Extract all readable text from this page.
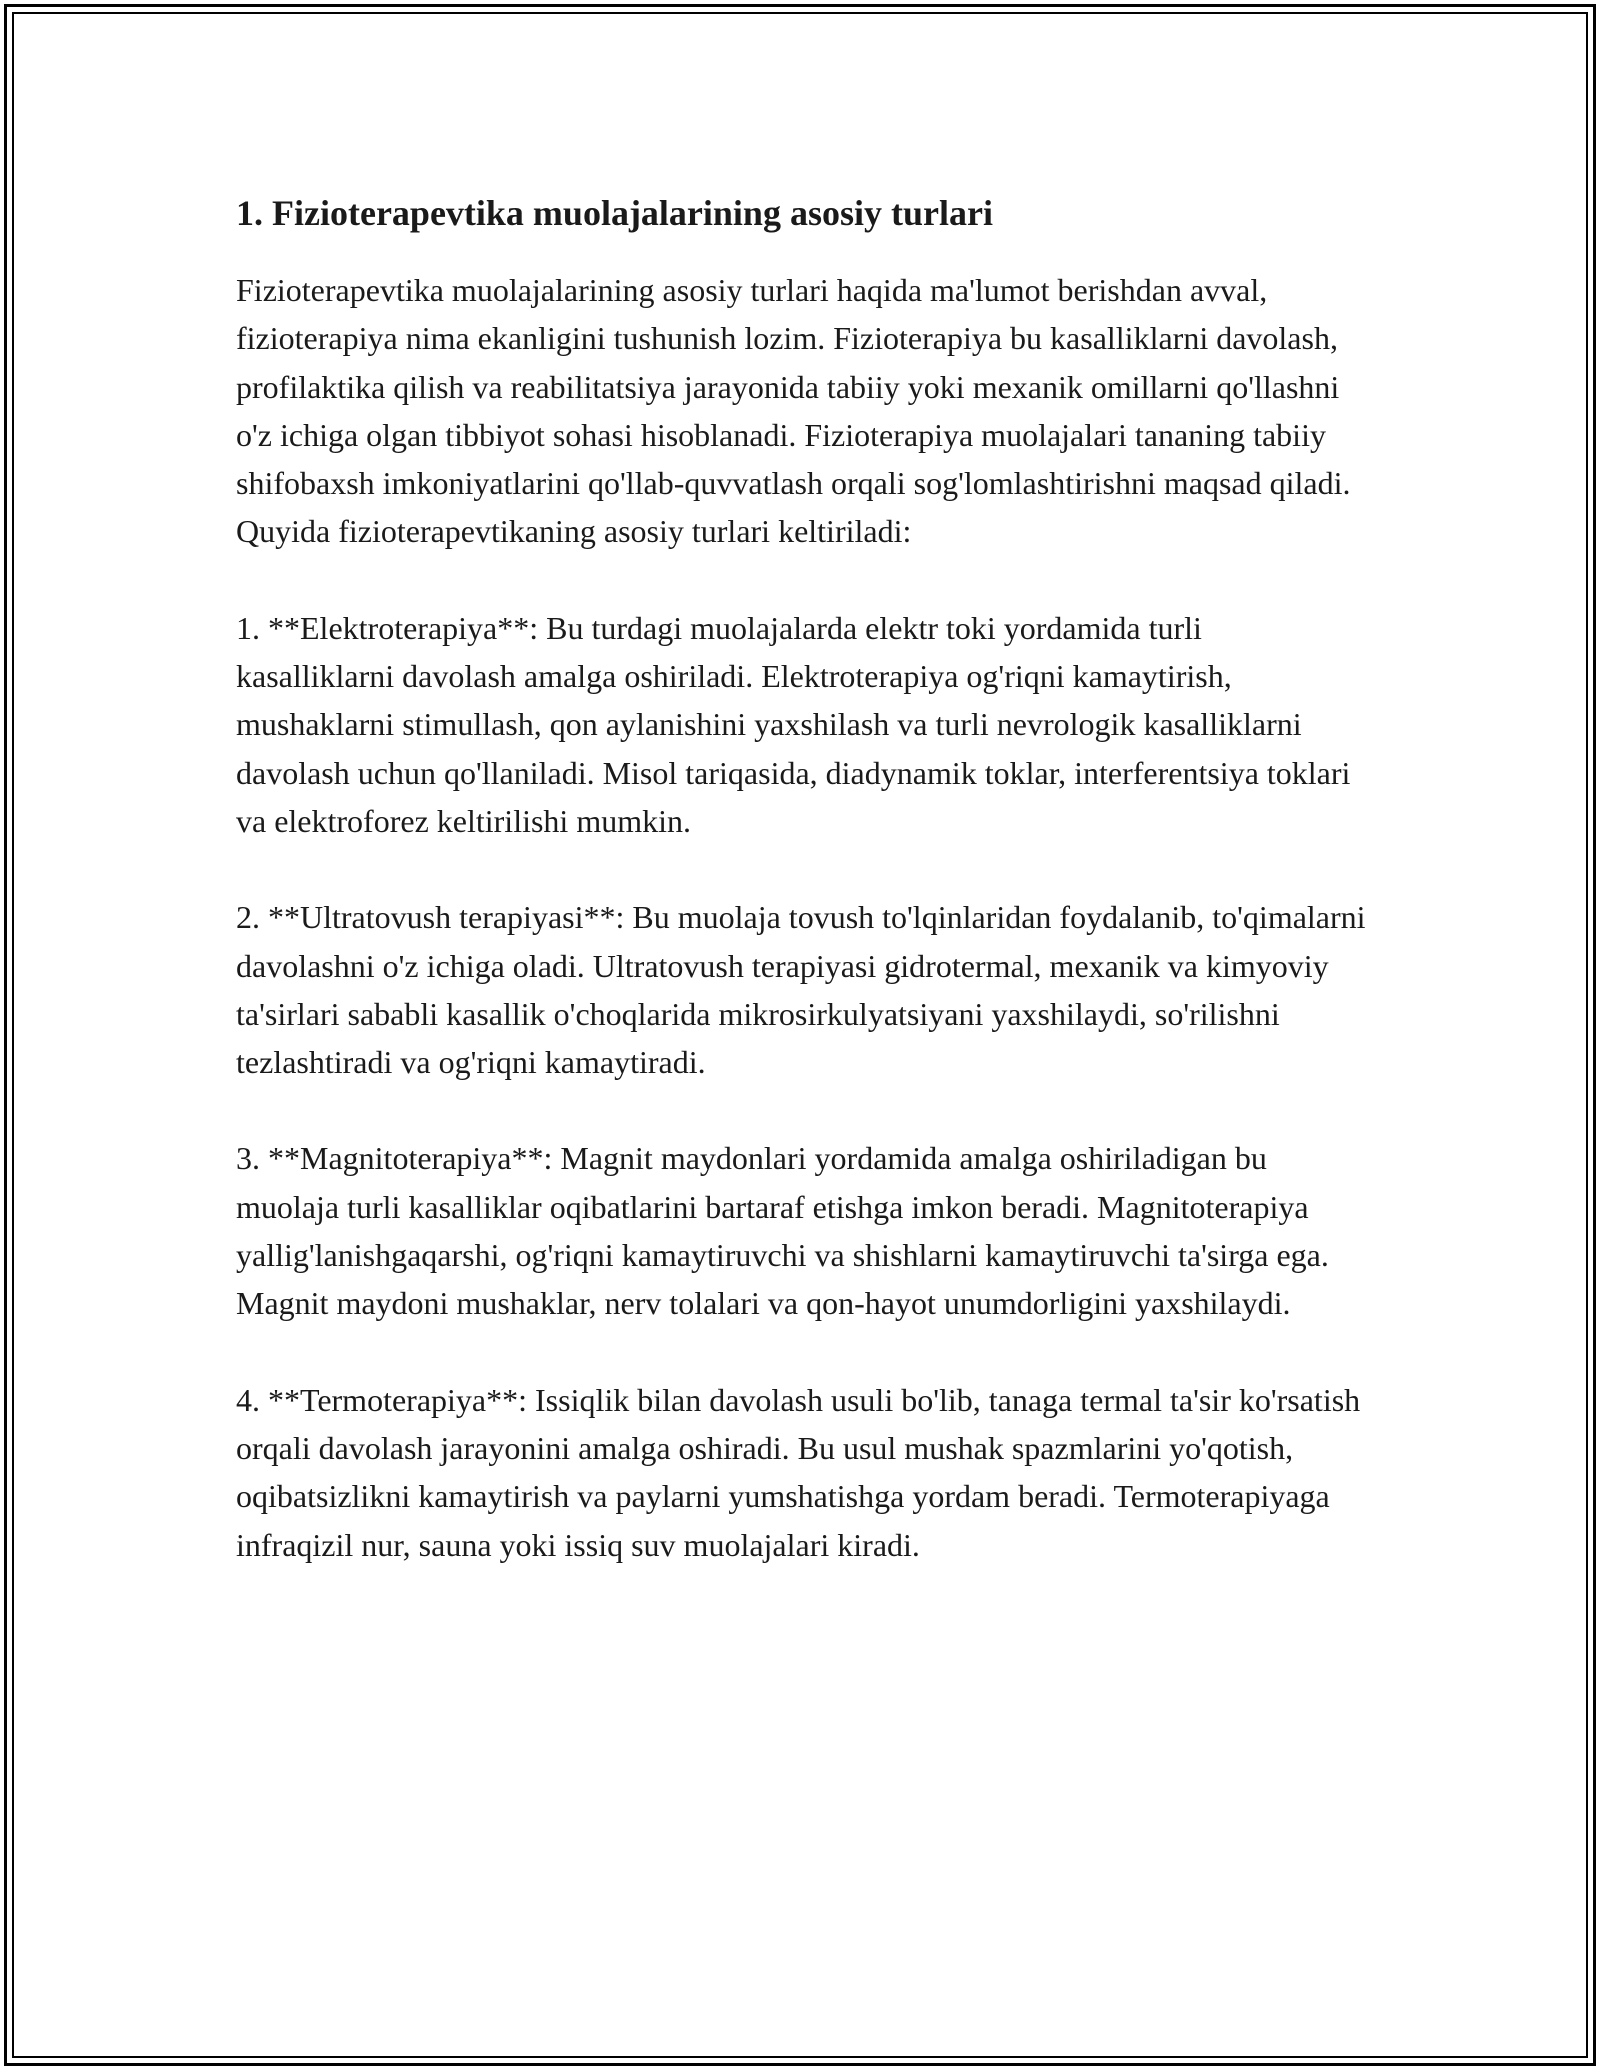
1. Fizioterapevtika muolajalarining asosiy turlari

Fizioterapevtika muolajalarining asosiy turlari haqida ma'lumot berishdan avval, fizioterapiya nima ekanligini tushunish lozim. Fizioterapiya bu kasalliklarni davolash, profilaktika qilish va reabilitatsiya jarayonida tabiiy yoki mexanik omillarni qo'llashni o'z ichiga olgan tibbiyot sohasi hisoblanadi. Fizioterapiya muolajalari tananing tabiiy shifobaxsh imkoniyatlarini qo'llab-quvvatlash orqali sog'lomlashtirishni maqsad qiladi. Quyida fizioterapevtikaning asosiy turlari keltiriladi:

1. **Elektroterapiya**: Bu turdagi muolajalarda elektr toki yordamida turli kasalliklarni davolash amalga oshiriladi. Elektroterapiya og'riqni kamaytirish, mushaklarni stimullash, qon aylanishini yaxshilash va turli nevrologik kasalliklarni davolash uchun qo'llaniladi. Misol tariqasida, diadynamik toklar, interferentsiya toklari va elektroforez keltirilishi mumkin.

2. **Ultratovush terapiyasi**: Bu muolaja tovush to'lqinlaridan foydalanib, to'qimalarni davolashni o'z ichiga oladi. Ultratovush terapiyasi gidrotermal, mexanik va kimyoviy ta'sirlari sababli kasallik o'choqlarida mikrosirkulyatsiyani yaxshilaydi, so'rilishni tezlashtiradi va og'riqni kamaytiradi.

3. **Magnitoterapiya**: Magnit maydonlari yordamida amalga oshiriladigan bu muolaja turli kasalliklar oqibatlarini bartaraf etishga imkon beradi. Magnitoterapiya yallig'lanishgaqarshi, og'riqni kamaytiruvchi va shishlarni kamaytiruvchi ta'sirga ega. Magnit maydoni mushaklar, nerv tolalari va qon-hayot unumdorligini yaxshilaydi.

4. **Termoterapiya**: Issiqlik bilan davolash usuli bo'lib, tanaga termal ta'sir ko'rsatish orqali davolash jarayonini amalga oshiradi. Bu usul mushak spazmlarini yo'qotish, oqibatsizlikni kamaytirish va paylarni yumshatishga yordam beradi. Termoterapiyaga infraqizil nur, sauna yoki issiq suv muolajalari kiradi.
